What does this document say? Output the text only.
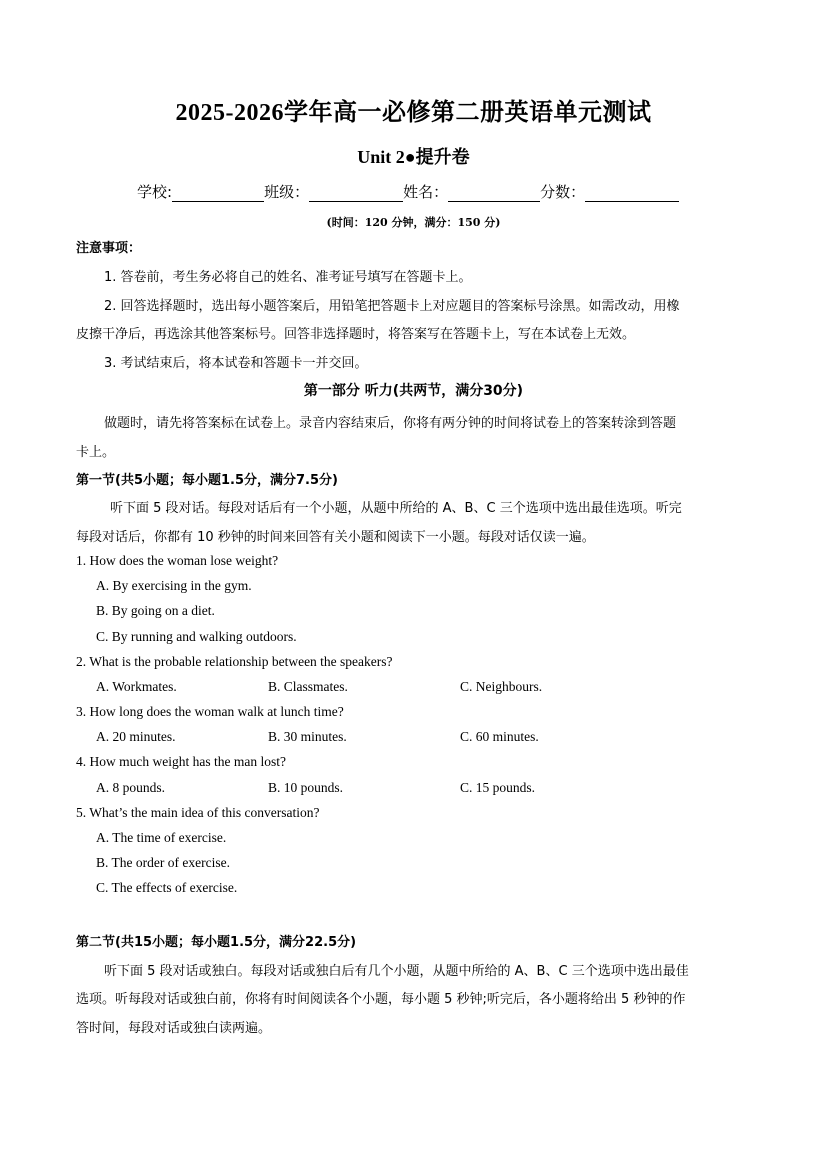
2025-2026学年高一必修第二册英语单元测试
Unit 2●提升卷
学校:	班级：	姓名：	分数：
(时间：120 分钟，满分：150 分)
注意事项：
1. 答卷前，考生务必将自己的姓名、准考证号填写在答题卡上。
2. 回答选择题时，选出每小题答案后，用铅笔把答题卡上对应题目的答案标号涂黑。如需改动，用橡
皮擦干净后，再选涂其他答案标号。回答非选择题时，将答案写在答题卡上，写在本试卷上无效。
3. 考试结束后，将本试卷和答题卡一并交回。
第一部分 听力(共两节，满分30分)
做题时，请先将答案标在试卷上。录音内容结束后，你将有两分钟的时间将试卷上的答案转涂到答题
卡上。
第一节(共5小题；每小题1.5分，满分7.5分)
听下面 5 段对话。每段对话后有一个小题，从题中所给的 A、B、C 三个选项中选出最佳选项。听完
每段对话后，你都有 10 秒钟的时间来回答有关小题和阅读下一小题。每段对话仅读一遍。
1. How does the woman lose weight?
A. By exercising in the gym.
B. By going on a diet.
C. By running and walking outdoors.
2. What is the probable relationship between the speakers?
A. Workmates.	B. Classmates.	C. Neighbours.
3. How long does the woman walk at lunch time?
A. 20 minutes.	B. 30 minutes.	C. 60 minutes.
4. How much weight has the man lost?
A. 8 pounds.	B. 10 pounds.	C. 15 pounds.
5. What’s the main idea of this conversation?
A. The time of exercise.
B. The order of exercise.
C. The effects of exercise.
第二节(共15小题；每小题1.5分，满分22.5分)
听下面 5 段对话或独白。每段对话或独白后有几个小题，从题中所给的 A、B、C 三个选项中选出最佳
选项。听每段对话或独白前，你将有时间阅读各个小题，每小题 5 秒钟;听完后，各小题将给出 5 秒钟的作
答时间，每段对话或独白读两遍。
